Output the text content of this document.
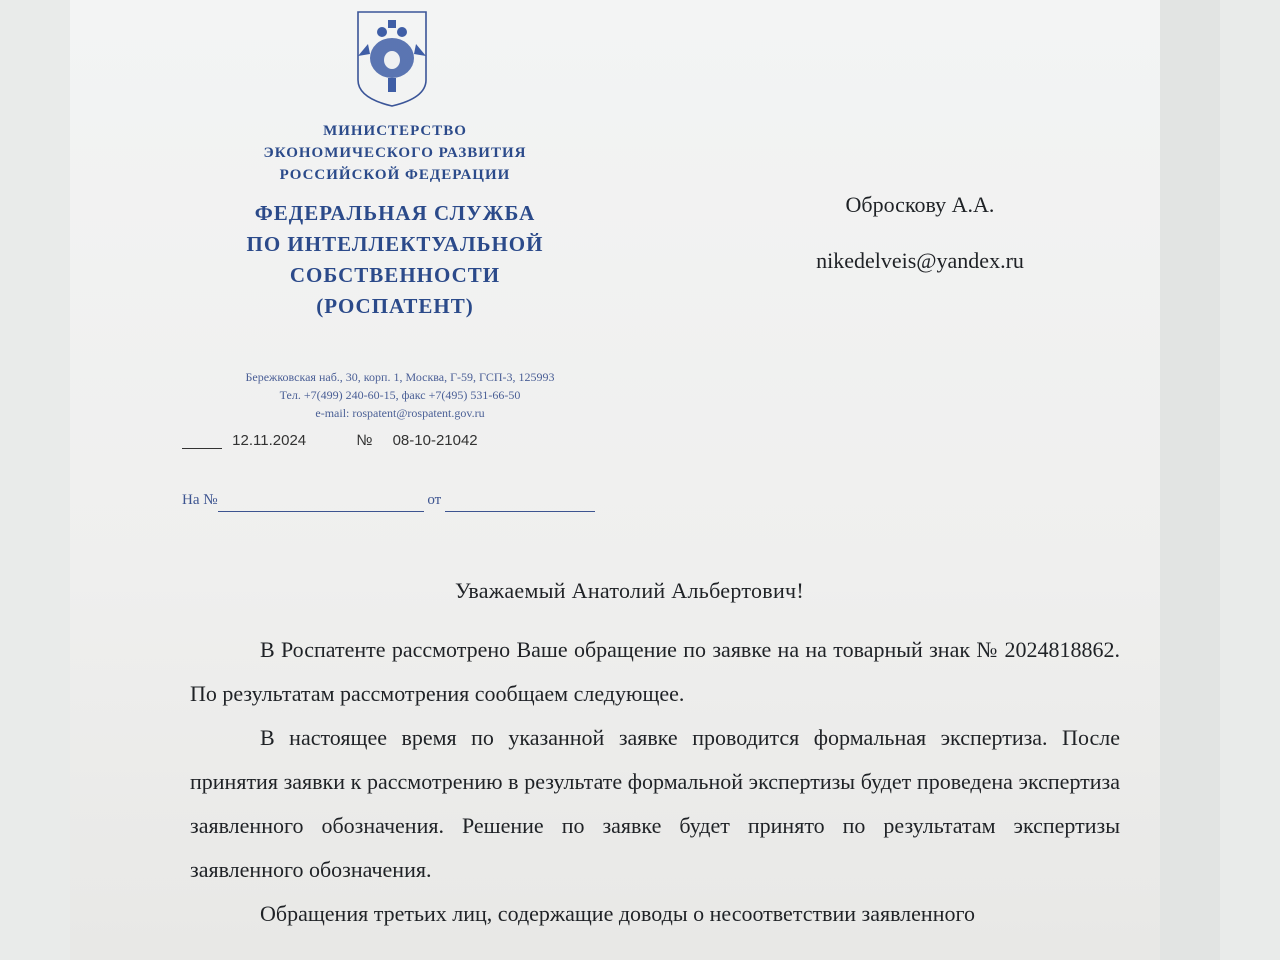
МИНИСТЕРСТВО
ЭКОНОМИЧЕСКОГО РАЗВИТИЯ
РОССИЙСКОЙ ФЕДЕРАЦИИ
ФЕДЕРАЛЬНАЯ СЛУЖБА
ПО ИНТЕЛЛЕКТУАЛЬНОЙ
СОБСТВЕННОСТИ
(РОСПАТЕНТ)
Бережковская наб., 30, корп. 1, Москва, Г-59, ГСП-3, 125993
Тел. +7(499) 240-60-15, факс +7(495) 531-66-50
e-mail: rospatent@rospatent.gov.ru
12.11.2024	№ 08-10-21042
На №	от
Оброскову А.А.
nikedelveis@yandex.ru
Уважаемый Анатолий Альбертович!

В Роспатенте рассмотрено Ваше обращение по заявке на на товарный знак № 2024818862. По результатам рассмотрения сообщаем следующее.

В настоящее время по указанной заявке проводится формальная экспертиза. После принятия заявки к рассмотрению в результате формальной экспертизы будет проведена экспертиза заявленного обозначения. Решение по заявке будет принято по результатам экспертизы заявленного обозначения.

Обращения третьих лиц, содержащие доводы о несоответствии заявленного
